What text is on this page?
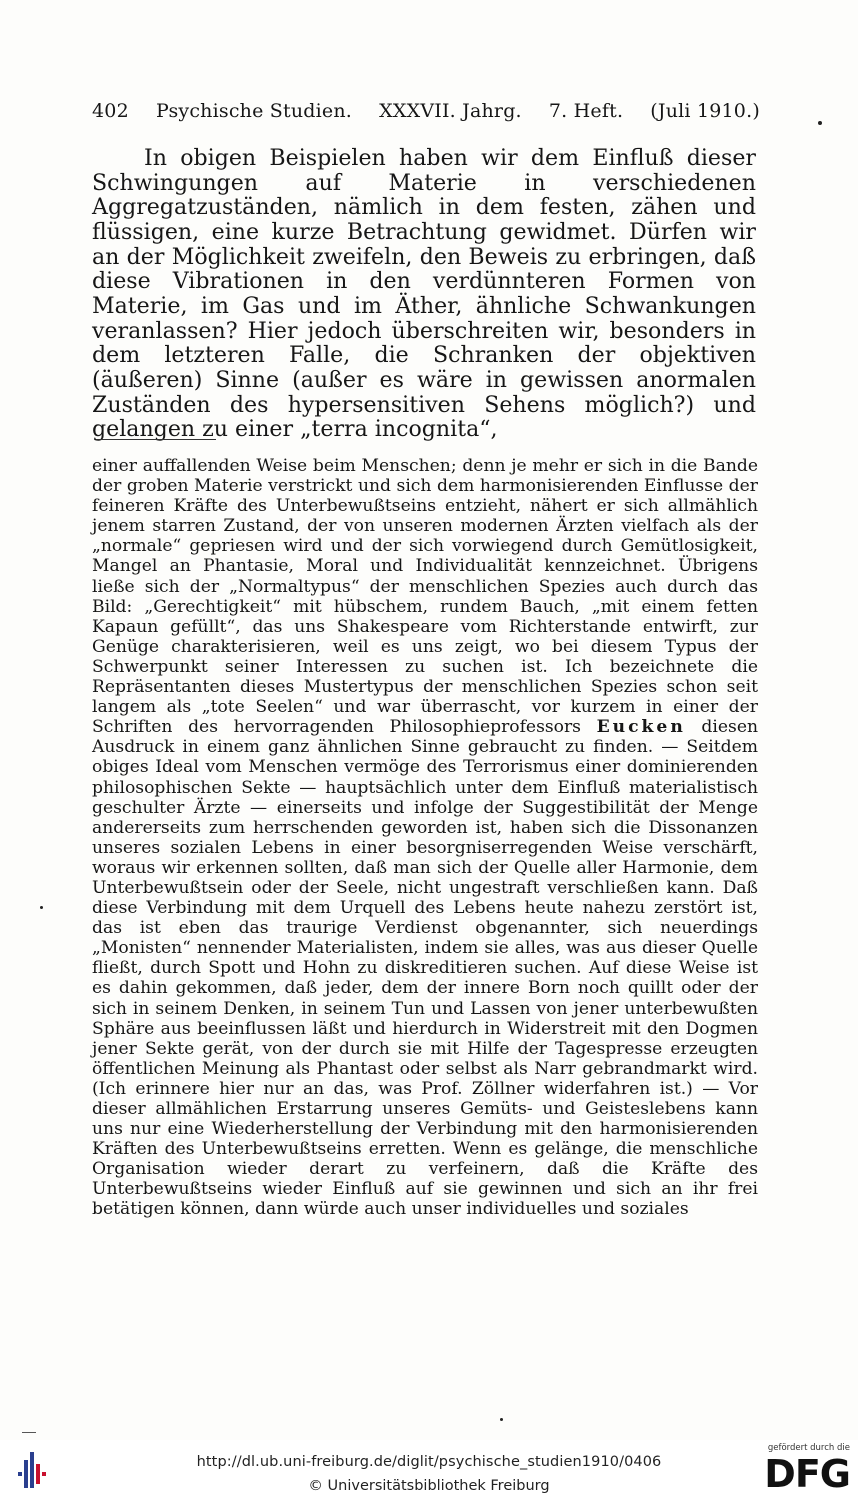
402 Psychische Studien. XXXVII. Jahrg. 7. Heft. (Juli 1910.)

In obigen Beispielen haben wir dem Einfluß dieser Schwingungen auf Materie in verschiedenen Aggregatzuständen, nämlich in dem festen, zähen und flüssigen, eine kurze Betrachtung gewidmet. Dürfen wir an der Möglichkeit zweifeln, den Beweis zu erbringen, daß diese Vibrationen in den verdünnteren Formen von Materie, im Gas und im Äther, ähnliche Schwankungen veranlassen? Hier jedoch überschreiten wir, besonders in dem letzteren Falle, die Schranken der objektiven (äußeren) Sinne (außer es wäre in gewissen anormalen Zuständen des hypersensitiven Sehens möglich?) und gelangen zu einer „terra incognita“,

einer auffallenden Weise beim Menschen; denn je mehr er sich in die Bande der groben Materie verstrickt und sich dem harmonisierenden Einflusse der feineren Kräfte des Unterbewußtseins entzieht, nähert er sich allmählich jenem starren Zustand, der von unseren modernen Ärzten vielfach als der „normale“ gepriesen wird und der sich vorwiegend durch Gemütlosigkeit, Mangel an Phantasie, Moral und Individualität kennzeichnet. Übrigens ließe sich der „Normaltypus“ der menschlichen Spezies auch durch das Bild: „Gerechtigkeit“ mit hübschem, rundem Bauch, „mit einem fetten Kapaun gefüllt“, das uns Shakespeare vom Richterstande entwirft, zur Genüge charakterisieren, weil es uns zeigt, wo bei diesem Typus der Schwerpunkt seiner Interessen zu suchen ist. Ich bezeichnete die Repräsentanten dieses Mustertypus der menschlichen Spezies schon seit langem als „tote Seelen“ und war überrascht, vor kurzem in einer der Schriften des hervorragenden Philosophieprofessors Eucken diesen Ausdruck in einem ganz ähnlichen Sinne gebraucht zu finden. — Seitdem obiges Ideal vom Menschen vermöge des Terrorismus einer dominierenden philosophischen Sekte — hauptsächlich unter dem Einfluß materialistisch geschulter Ärzte — einerseits und infolge der Suggestibilität der Menge andererseits zum herrschenden geworden ist, haben sich die Dissonanzen unseres sozialen Lebens in einer besorgniserregenden Weise verschärft, woraus wir erkennen sollten, daß man sich der Quelle aller Harmonie, dem Unterbewußtsein oder der Seele, nicht ungestraft verschließen kann. Daß diese Verbindung mit dem Urquell des Lebens heute nahezu zerstört ist, das ist eben das traurige Verdienst obgenannter, sich neuerdings „Monisten“ nennender Materialisten, indem sie alles, was aus dieser Quelle fließt, durch Spott und Hohn zu diskreditieren suchen. Auf diese Weise ist es dahin gekommen, daß jeder, dem der innere Born noch quillt oder der sich in seinem Denken, in seinem Tun und Lassen von jener unterbewußten Sphäre aus beeinflussen läßt und hierdurch in Widerstreit mit den Dogmen jener Sekte gerät, von der durch sie mit Hilfe der Tagespresse erzeugten öffentlichen Meinung als Phantast oder selbst als Narr gebrandmarkt wird. (Ich erinnere hier nur an das, was Prof. Zöllner widerfahren ist.) — Vor dieser allmählichen Erstarrung unseres Gemüts- und Geisteslebens kann uns nur eine Wiederherstellung der Verbindung mit den harmonisierenden Kräften des Unterbewußtseins erretten. Wenn es gelänge, die menschliche Organisation wieder derart zu verfeinern, daß die Kräfte des Unterbewußtseins wieder Einfluß auf sie gewinnen und sich an ihr frei betätigen können, dann würde auch unser individuelles und soziales

http://dl.ub.uni-freiburg.de/diglit/psychische_studien1910/0406
© Universitätsbibliothek Freiburg
gefördert durch die
DFG
